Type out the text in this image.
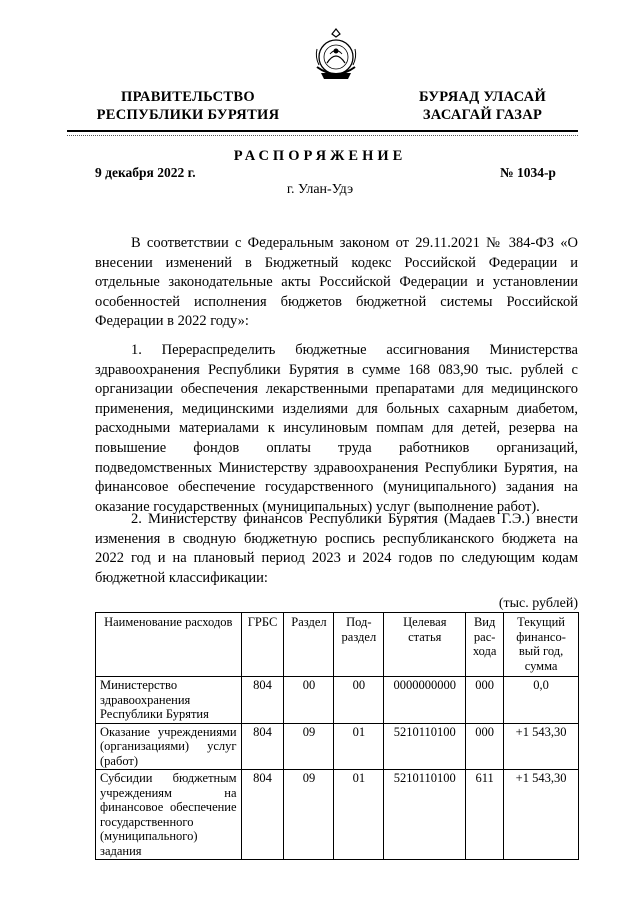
ПРАВИТЕЛЬСТВО
РЕСПУБЛИКИ БУРЯТИЯ
БУРЯАД УЛАСАЙ
ЗАСАГАЙ ГАЗАР
РАСПОРЯЖЕНИЕ
9 декабря 2022 г.	№ 1034-р
г. Улан-Удэ

В соответствии с Федеральным законом от 29.11.2021 № 384-ФЗ «О внесении изменений в Бюджетный кодекс Российской Федерации и отдельные законодательные акты Российской Федерации и установлении особенностей исполнения бюджетов бюджетной системы Российской Федерации в 2022 году»:

1. Перераспределить бюджетные ассигнования Министерства здравоохранения Республики Бурятия в сумме 168 083,90 тыс. рублей с организации обеспечения лекарственными препаратами для медицинского применения, медицинскими изделиями для больных сахарным диабетом, расходными материалами к инсулиновым помпам для детей, резерва на повышение фондов оплаты труда работников организаций, подведомственных Министерству здравоохранения Республики Бурятия, на финансовое обеспечение государственного (муниципального) задания на оказание государственных (муниципальных) услуг (выполнение работ).

2. Министерству финансов Республики Бурятия (Мадаев Г.Э.) внести изменения в сводную бюджетную роспись республиканского бюджета на 2022 год и на плановый период 2023 и 2024 годов по следующим кодам бюджетной классификации:

(тыс. рублей)
Наименование расходов	ГРБС	Раздел	Под- раздел	Целевая статья	Вид рас- хода	Текущий финансо- вый год, сумма
Министерство здравоохранения Республики Бурятия	804	00	00	0000000000	000	0,0
Оказание учреждениями (организациями) услуг (работ)	804	09	01	5210110100	000	+1 543,30
Субсидии бюджетным учреждениям на финансовое обеспечение государственного (муниципального) задания	804	09	01	5210110100	611	+1 543,30
